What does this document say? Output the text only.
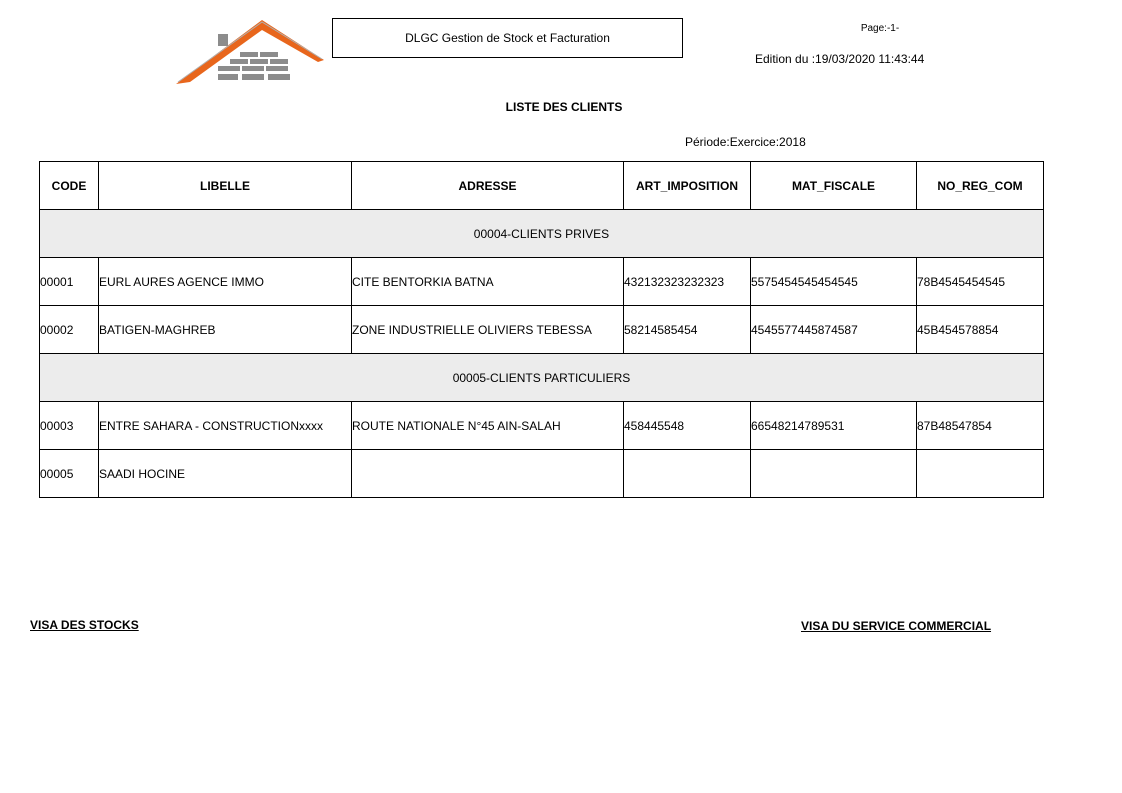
DLGC Gestion de Stock et Facturation
Page:-1-
Edition du :19/03/2020 11:43:44
LISTE DES CLIENTS
Période:Exercice:2018
CODE	LIBELLE	ADRESSE	ART_IMPOSITION	MAT_FISCALE	NO_REG_COM
00004-CLIENTS PRIVES					
00001	EURL AURES AGENCE IMMO	CITE BENTORKIA BATNA	432132323232323	5575454545454545	78B4545454545
00002	BATIGEN-MAGHREB	ZONE INDUSTRIELLE OLIVIERS TEBESSA	58214585454	4545577445874587	45B454578854
00005-CLIENTS PARTICULIERS					
00003	ENTRE SAHARA - CONSTRUCTIONxxxx	ROUTE NATIONALE N°45 AIN-SALAH	458445548	66548214789531	87B48547854
00005	SAADI HOCINE				
VISA DES STOCKS	VISA DU SERVICE COMMERCIAL
